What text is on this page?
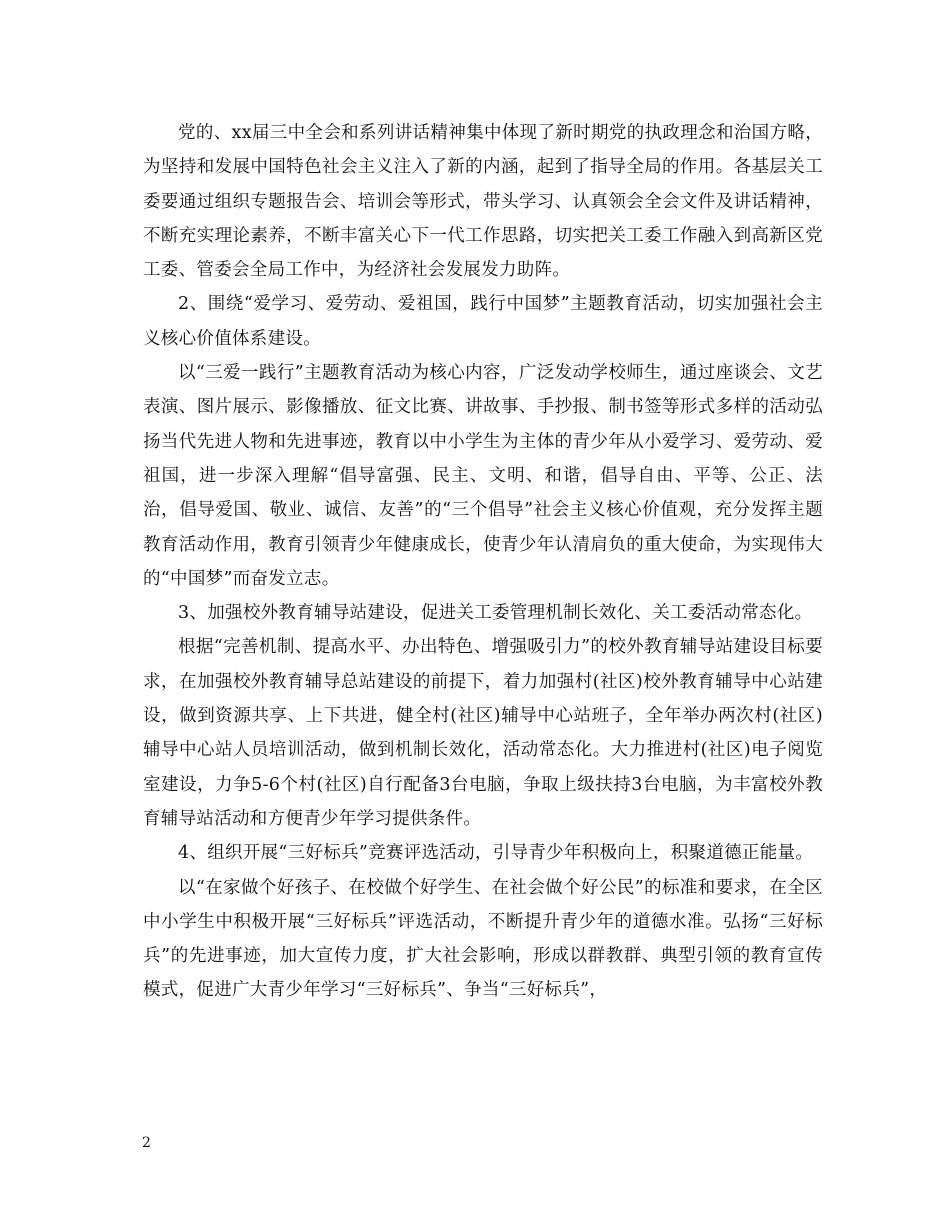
党的、xx届三中全会和系列讲话精神集中体现了新时期党的执政理念和治国方略，为坚持和发展中国特色社会主义注入了新的内涵，起到了指导全局的作用。各基层关工委要通过组织专题报告会、培训会等形式，带头学习、认真领会全会文件及讲话精神，不断充实理论素养，不断丰富关心下一代工作思路，切实把关工委工作融入到高新区党工委、管委会全局工作中，为经济社会发展发力助阵。

2、围绕“爱学习、爱劳动、爱祖国，践行中国梦”主题教育活动，切实加强社会主义核心价值体系建设。

以“三爱一践行”主题教育活动为核心内容，广泛发动学校师生，通过座谈会、文艺表演、图片展示、影像播放、征文比赛、讲故事、手抄报、制书签等形式多样的活动弘扬当代先进人物和先进事迹，教育以中小学生为主体的青少年从小爱学习、爱劳动、爱祖国，进一步深入理解“倡导富强、民主、文明、和谐，倡导自由、平等、公正、法治，倡导爱国、敬业、诚信、友善”的“三个倡导”社会主义核心价值观，充分发挥主题教育活动作用，教育引领青少年健康成长，使青少年认清肩负的重大使命，为实现伟大的“中国梦”而奋发立志。

3、加强校外教育辅导站建设，促进关工委管理机制长效化、关工委活动常态化。

根据“完善机制、提高水平、办出特色、增强吸引力”的校外教育辅导站建设目标要求，在加强校外教育辅导总站建设的前提下，着力加强村(社区)校外教育辅导中心站建设，做到资源共享、上下共进，健全村(社区)辅导中心站班子，全年举办两次村(社区)辅导中心站人员培训活动，做到机制长效化，活动常态化。大力推进村(社区)电子阅览室建设，力争5-6个村(社区)自行配备3台电脑，争取上级扶持3台电脑，为丰富校外教育辅导站活动和方便青少年学习提供条件。

4、组织开展“三好标兵”竞赛评选活动，引导青少年积极向上，积聚道德正能量。

以“在家做个好孩子、在校做个好学生、在社会做个好公民”的标准和要求，在全区中小学生中积极开展“三好标兵”评选活动，不断提升青少年的道德水准。弘扬“三好标兵”的先进事迹，加大宣传力度，扩大社会影响，形成以群教群、典型引领的教育宣传模式，促进广大青少年学习“三好标兵”、争当“三好标兵”，

2
